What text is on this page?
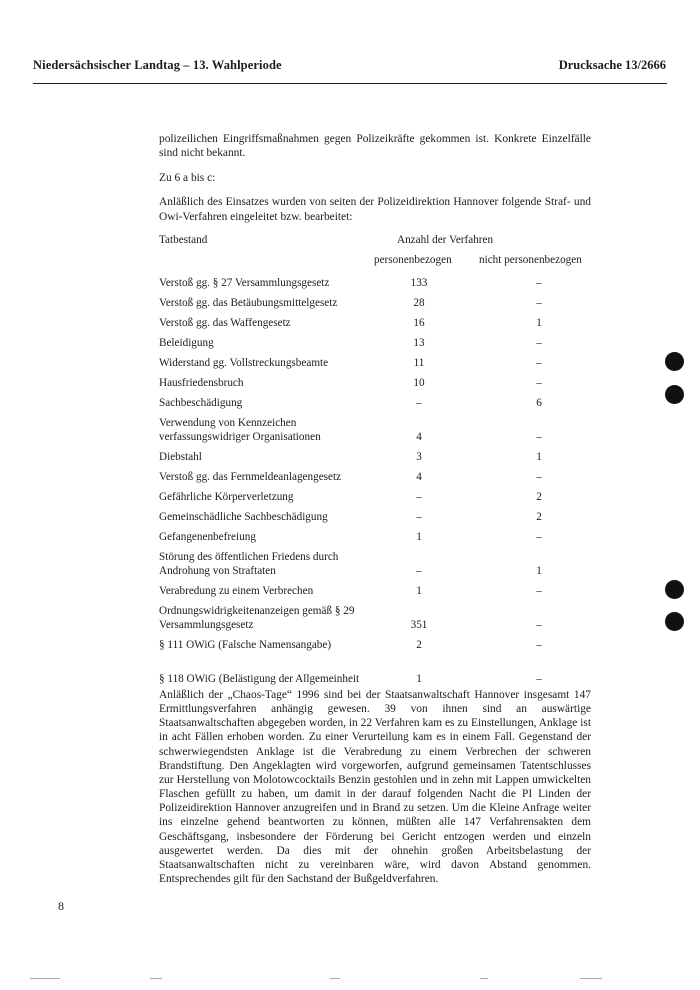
Niedersächsischer Landtag – 13. Wahlperiode	Drucksache 13/2666

polizeilichen Eingriffsmaßnahmen gegen Polizeikräfte gekommen ist. Konkrete Einzelfälle sind nicht bekannt.

Zu 6 a bis c:

Anläßlich des Einsatzes wurden von seiten der Polizeidirektion Hannover folgende Straf- und Owi-Verfahren eingeleitet bzw. bearbeitet:

Tatbestand	Anzahl der Verfahren
personenbezogen nicht personenbezogen
Verstoß gg. § 27 Versammlungsgesetz	133	–
Verstoß gg. das Betäubungsmittelgesetz	28	–
Verstoß gg. das Waffengesetz	16	1
Beleidigung	13	–
Widerstand gg. Vollstreckungsbeamte	11	–
Hausfriedensbruch	10	–
Sachbeschädigung	–	6
Verwendung von Kennzeichen verfassungswidriger Organisationen	4	–
Diebstahl	3	1
Verstoß gg. das Fernmeldeanlagengesetz	4	–
Gefährliche Körperverletzung	–	2
Gemeinschädliche Sachbeschädigung	–	2
Gefangenenbefreiung	1	–
Störung des öffentlichen Friedens durch Androhung von Straftaten	–	1
Verabredung zu einem Verbrechen	1	–
Ordnungswidrigkeitenanzeigen gemäß § 29 Versammlungsgesetz	351	–
§ 111 OWiG (Falsche Namensangabe)	2	–
§ 118 OWiG (Belästigung der Allgemeinheit	1	–
Anläßlich der „Chaos-Tage“ 1996 sind bei der Staatsanwaltschaft Hannover insgesamt 147 Ermittlungsverfahren anhängig gewesen. 39 von ihnen sind an auswärtige Staatsanwaltschaften abgegeben worden, in 22 Verfahren kam es zu Einstellungen, Anklage ist in acht Fällen erhoben worden. Zu einer Verurteilung kam es in einem Fall. Gegenstand der schwerwiegendsten Anklage ist die Verabredung zu einem Verbrechen der schweren Brandstiftung. Den Angeklagten wird vorgeworfen, aufgrund gemeinsamen Tatentschlusses zur Herstellung von Molotowcocktails Benzin gestohlen und in zehn mit Lappen umwickelten Flaschen gefüllt zu haben, um damit in der darauf folgenden Nacht die PI Linden der Polizeidirektion Hannover anzugreifen und in Brand zu setzen. Um die Kleine Anfrage weiter ins einzelne gehend beantworten zu können, müßten alle 147 Verfahrensakten dem Geschäftsgang, insbesondere der Förderung bei Gericht entzogen werden und einzeln ausgewertet werden. Da dies mit der ohnehin großen Arbeitsbelastung der Staatsanwaltschaften nicht zu vereinbaren wäre, wird davon Abstand genommen. Entsprechendes gilt für den Sachstand der Bußgeldverfahren.
8
